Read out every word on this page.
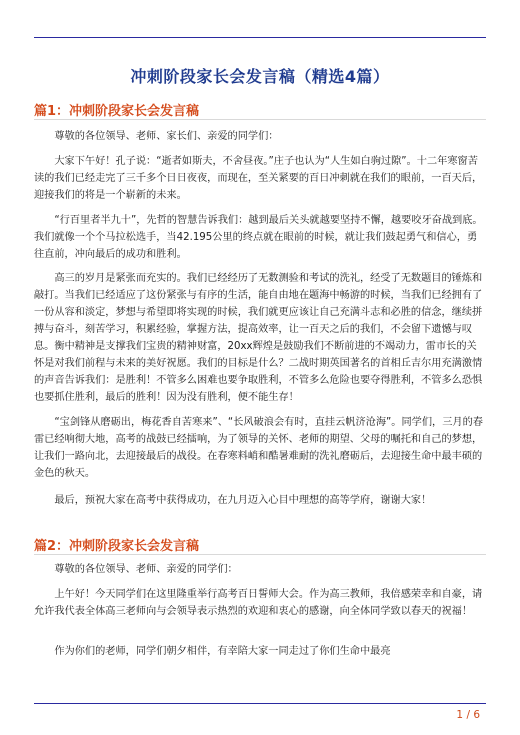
冲刺阶段家长会发言稿（精选4篇）
篇1：冲刺阶段家长会发言稿

　　尊敬的各位领导、老师、家长们、亲爱的同学们：

　　大家下午好！孔子说：“逝者如斯夫，不舍昼夜。”庄子也认为“人生如白驹过隙”。十二年寒窗苦读的我们已经走完了三千多个日日夜夜，而现在，至关紧要的百日冲刺就在我们的眼前，一百天后，迎接我们的将是一个崭新的未来。

　　“行百里者半九十”，先哲的智慧告诉我们：越到最后关头就越要坚持不懈，越要咬牙奋战到底。我们就像一个个马拉松选手，当42.195公里的终点就在眼前的时候，就让我们鼓起勇气和信心，勇往直前，冲向最后的成功和胜利。

　　高三的岁月是紧张而充实的。我们已经经历了无数测验和考试的洗礼，经受了无数题目的锤炼和敲打。当我们已经适应了这份紧张与有序的生活，能自由地在题海中畅游的时候，当我们已经拥有了一份从容和淡定，梦想与希望即将实现的时候，我们就更应该让自己充满斗志和必胜的信念，继续拼搏与奋斗，刻苦学习，积累经验，掌握方法，提高效率，让一百天之后的我们，不会留下遗憾与叹息。衡中精神是支撑我们宝贵的精神财富，20xx辉煌是鼓励我们不断前进的不竭动力，雷市长的关怀是对我们前程与未来的美好祝愿。我们的目标是什么？二战时期英国著名的首相丘吉尔用充满激情的声音告诉我们：是胜利！不管多么困难也要争取胜利，不管多么危险也要夺得胜利，不管多么恐惧也要抓住胜利，最后的胜利！因为没有胜利，便不能生存！

　　“宝剑锋从磨砺出，梅花香自苦寒来”、“长风破浪会有时，直挂云帆济沧海”。同学们，三月的春雷已经响彻大地，高考的战鼓已经擂响，为了领导的关怀、老师的期望、父母的嘱托和自己的梦想，让我们一路向北，去迎接最后的战役。在春寒料峭和酷暑难耐的洗礼磨砺后，去迎接生命中最丰硕的金色的秋天。

　　最后，预祝大家在高考中获得成功，在九月迈入心目中理想的高等学府，谢谢大家！

篇2：冲刺阶段家长会发言稿

　　尊敬的各位领导、老师、亲爱的同学们：

　　上午好！今天同学们在这里隆重举行高考百日誓师大会。作为高三教师，我倍感荣幸和自豪，请允许我代表全体高三老师向与会领导表示热烈的欢迎和衷心的感谢，向全体同学致以春天的祝福！

　　作为你们的老师，同学们朝夕相伴，有幸陪大家一同走过了你们生命中最亮

1 / 6
